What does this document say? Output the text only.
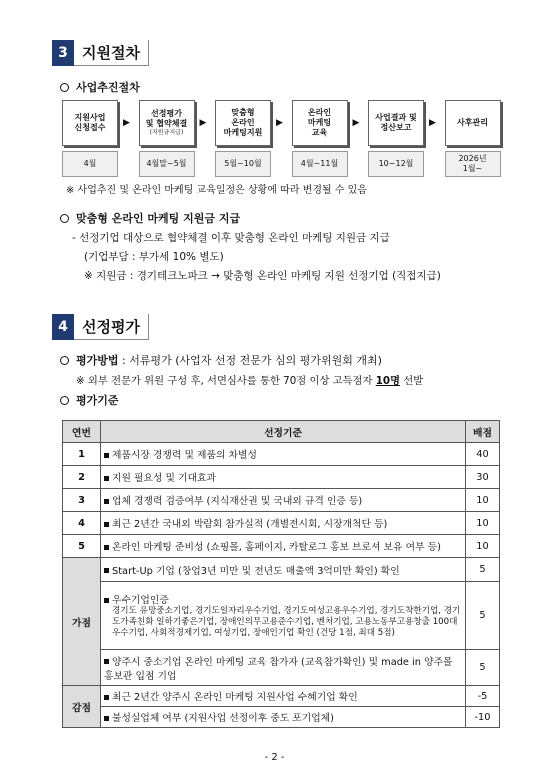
3 지원절차
사업추진절차
지원사업
신청접수
4월
▶
선정평가
및 협약체결
(지원금지급)
4월말~5월
▶
맞춤형
온라인
마케팅지원
5월~10월
▶
온라인
마케팅
교육
4월~11월
▶
사업결과 및
정산보고
10~12월
▶	사후관리
2026년
1월~
※ 사업추진 및 온라인 마케팅 교육일정은 상황에 따라 변경될 수 있음
맞춤형 온라인 마케팅 지원금 지급
- 선정기업 대상으로 협약체결 이후 맞춤형 온라인 마케팅 지원금 지급
(기업부담 : 부가세 10% 별도)
※ 지원금 : 경기테크노파크 → 맞춤형 온라인 마케팅 지원 선정기업 (직접지급)
4 선정평가
평가방법 : 서류평가 (사업자 선정 전문가 심의 평가위원회 개최)
※ 외부 전문가 위원 구성 후, 서면심사를 통한 70점 이상 고득점자 10명 선발
평가기준
연번	선정기준	배점
1	제품시장 경쟁력 및 제품의 차별성	40
2	지원 필요성 및 기대효과	30
3	업체 경쟁력 검증여부 (지식재산권 및 국내외 규격 인증 등)	10
4	최근 2년간 국내외 박람회 참가실적 (개별전시회, 시장개척단 등)	10
5	온라인 마케팅 준비성 (쇼핑몰, 홈페이지, 카탈로그 홍보 브로셔 보유 여부 등)	10
가점	Start-Up 기업 (창업3년 미만 및 전년도 매출액 3억미만 확인) 확인	5
	우수기업인증
경기도 유망중소기업, 경기도일자리우수기업, 경기도여성고용우수기업, 경기도착한기업, 경기도가족친화 일하기좋은기업, 장애인의무고용준수기업, 벤처기업, 고용노동부고용창출 100대우수기업, 사회적경제기업, 여성기업, 장애인기업 확인 (건당 1점, 최대 5점)	5
	양주시 중소기업 온라인 마케팅 교육 참가자 (교육참가확인) 및 made in 양주몰 홍보관 입점 기업	5
감점	최근 2년간 양주시 온라인 마케팅 지원사업 수혜기업 확인	-5
	불성실업체 여부 (지원사업 선정이후 중도 포기업체)	-10
- 2 -
